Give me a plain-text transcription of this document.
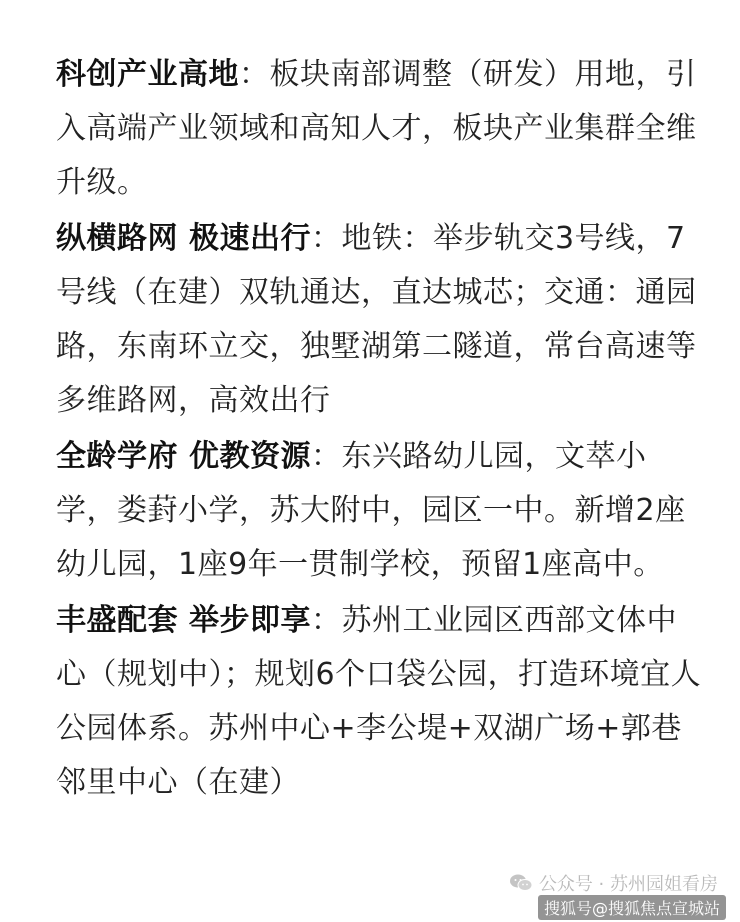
科创产业高地：板块南部调整（研发）用地，引入高端产业领域和高知人才，板块产业集群全维升级。

纵横路网 极速出行：地铁：举步轨交3号线，7号线（在建）双轨通达，直达城芯；交通：通园路，东南环立交，独墅湖第二隧道，常台高速等多维路网，高效出行

全龄学府 优教资源：东兴路幼儿园，文萃小学，娄葑小学，苏大附中，园区一中。新增2座幼儿园，1座9年一贯制学校，预留1座高中。

丰盛配套 举步即享：苏州工业园区西部文体中心（规划中）；规划6个口袋公园，打造环境宜人公园体系。苏州中心+李公堤+双湖广场+郭巷邻里中心（在建）

公众号 · 苏州园姐看房
搜狐号@搜狐焦点宣城站
